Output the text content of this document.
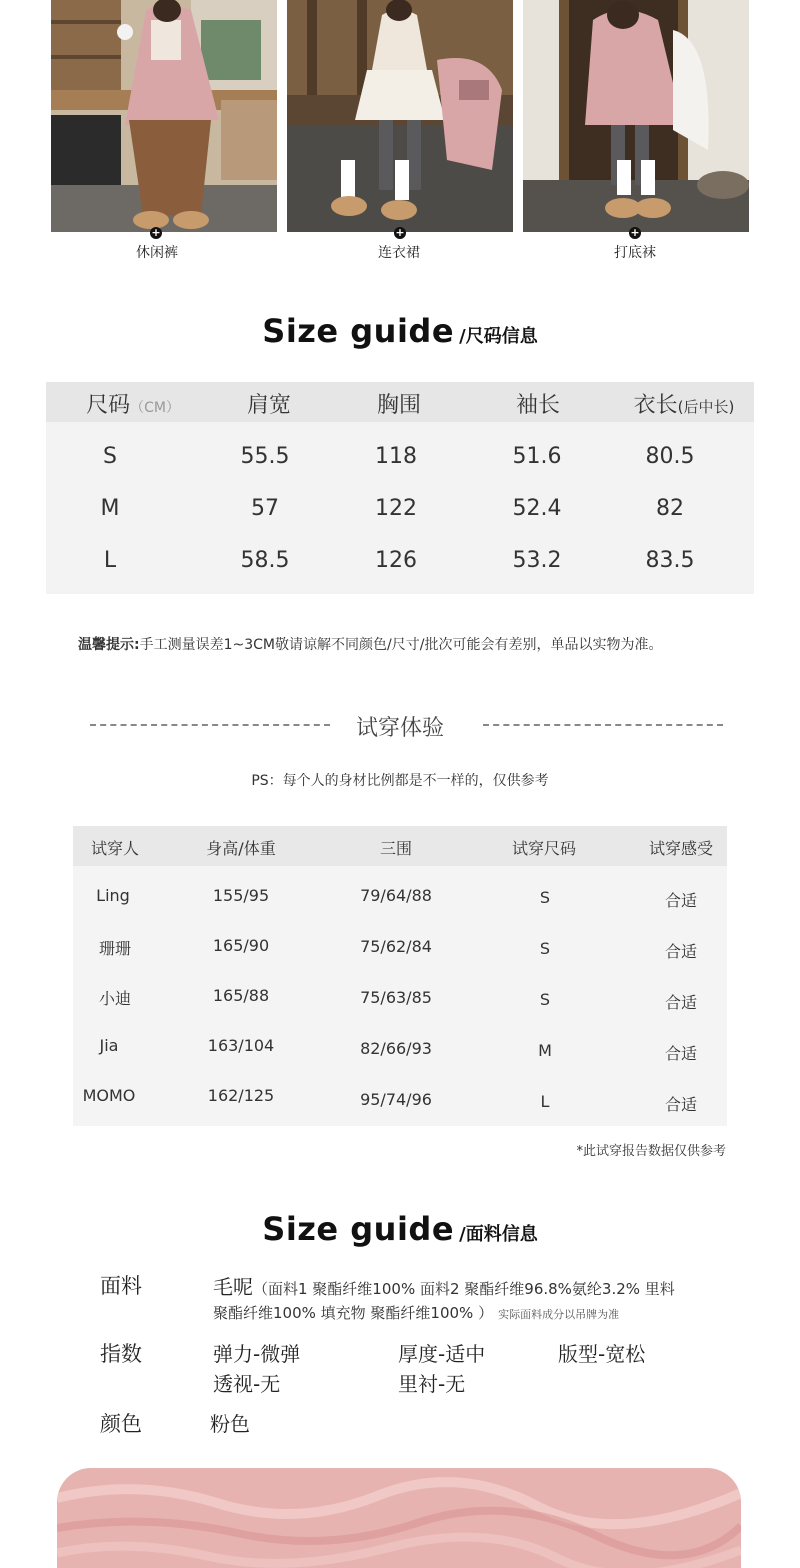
+	+	+
休闲裤	连衣裙	打底袜
Size guide /尺码信息
尺码（CM）	肩宽	胸围	袖长	衣长(后中长)
S	55.5	118	51.6	80.5
M	57	122	52.4	82
L	58.5	126	53.2	83.5
温馨提示:手工测量误差1~3CM敬请谅解不同颜色/尺寸/批次可能会有差别，单品以实物为准。
试穿体验
PS：每个人的身材比例都是不一样的，仅供参考
试穿人	身高/体重	三围	试穿尺码	试穿感受
Ling	155/95	79/64/88	S	合适
珊珊	165/90	75/62/84	S	合适
小迪	165/88	75/63/85	S	合适
Jia	163/104	82/66/93	M	合适
MOMO	162/125	95/74/96	L	合适
*此试穿报告数据仅供参考
Size guide /面料信息
面料	毛呢（面料1 聚酯纤维100% 面料2 聚酯纤维96.8%氨纶3.2% 里料
聚酯纤维100% 填充物 聚酯纤维100% ） 实际面料成分以吊牌为准
指数	弹力-微弹	厚度-适中	版型-宽松
透视-无	里衬-无
颜色	粉色
